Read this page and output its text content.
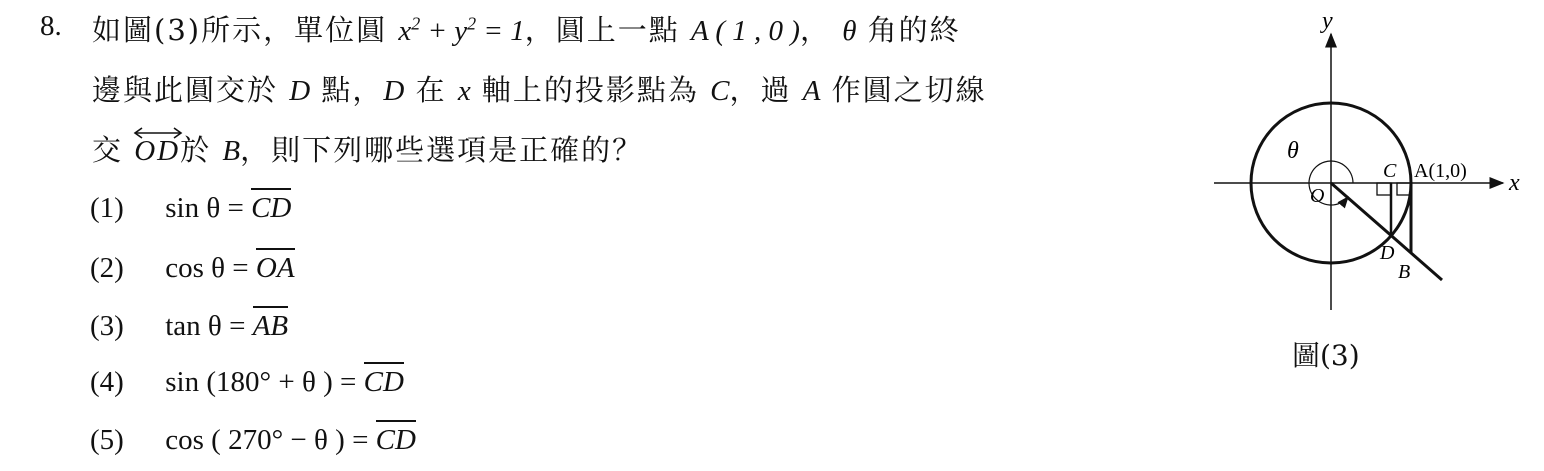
8. 如圖(3)所示，單位圓 $x^2 + y^2 = 1$，圓上一點 A ( 1 , 0 )， θ 角的終
邊與此圓交於 D 點，D 在 x 軸上的投影點為 C，過 A 作圓之切線
交 OD於 B，則下列哪些選項是正確的？
(1) sin θ = CD
(2) cos θ = OA
(3) tan θ = AB
(4) sin (180° + θ ) = CD
(5) cos ( 270° − θ ) = CD
y
x
θ
C A(1,0)
O
D
B
圖(3)
